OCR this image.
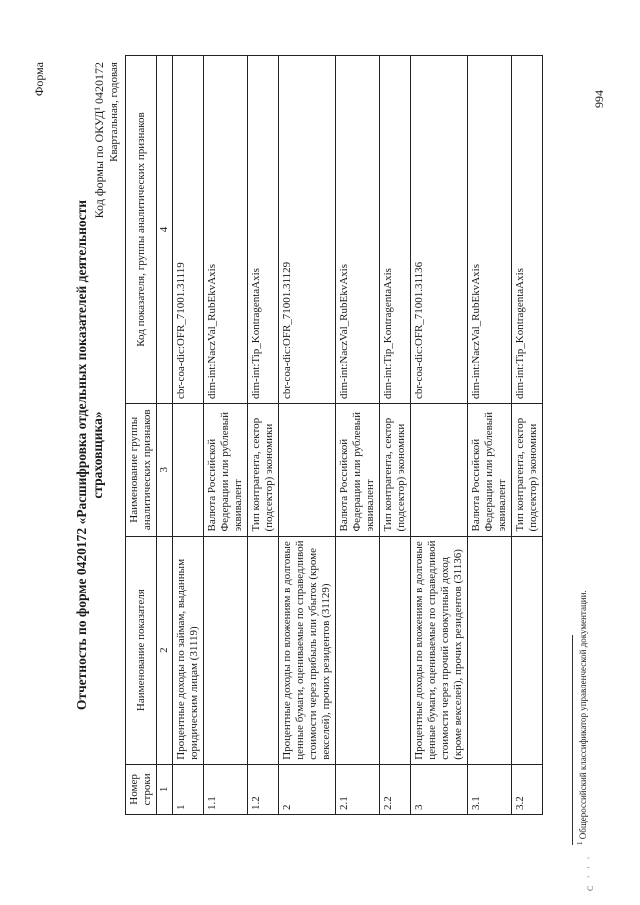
Форма
Отчетность по форме 0420172 «Расшифровка отдельных показателей деятельности страховщика»
Код формы по ОКУД¹ 0420172 Квартальная, годовая
Номер строки	Наименование показателя	Наименование группы аналитических признаков	Код показателя, группы аналитических признаков
1	2	3	4
1	Процентные доходы по займам, выданным юридическим лицам (31119)		cbr-coa-dic:OFR_71001.31119
1.1		Валюта Российской Федерации или рублевый эквивалент	dim-int:NaczVal_RubEkvAxis
1.2		Тип контрагента, сектор (подсектор) экономики	dim-int:Tip_KontragentaAxis
2	Процентные доходы по вложениям в долговые ценные бумаги, оцениваемые по справедливой стоимости через прибыль или убыток (кроме векселей), прочих резидентов (31129)		cbr-coa-dic:OFR_71001.31129
2.1		Валюта Российской Федерации или рублевый эквивалент	dim-int:NaczVal_RubEkvAxis
2.2		Тип контрагента, сектор (подсектор) экономики	dim-int:Tip_KontragentaAxis
3	Процентные доходы по вложениям в долговые ценные бумаги, оцениваемые по справедливой стоимости через прочий совокупный доход (кроме векселей), прочих резидентов (31136)		cbr-coa-dic:OFR_71001.31136
3.1		Валюта Российской Федерации или рублевый эквивалент	dim-int:NaczVal_RubEkvAxis
3.2		Тип контрагента, сектор (подсектор) экономики	dim-int:Tip_KontragentaAxis
$^1$ Общероссийский классификатор управленческой документации.
994
С ' ' '
